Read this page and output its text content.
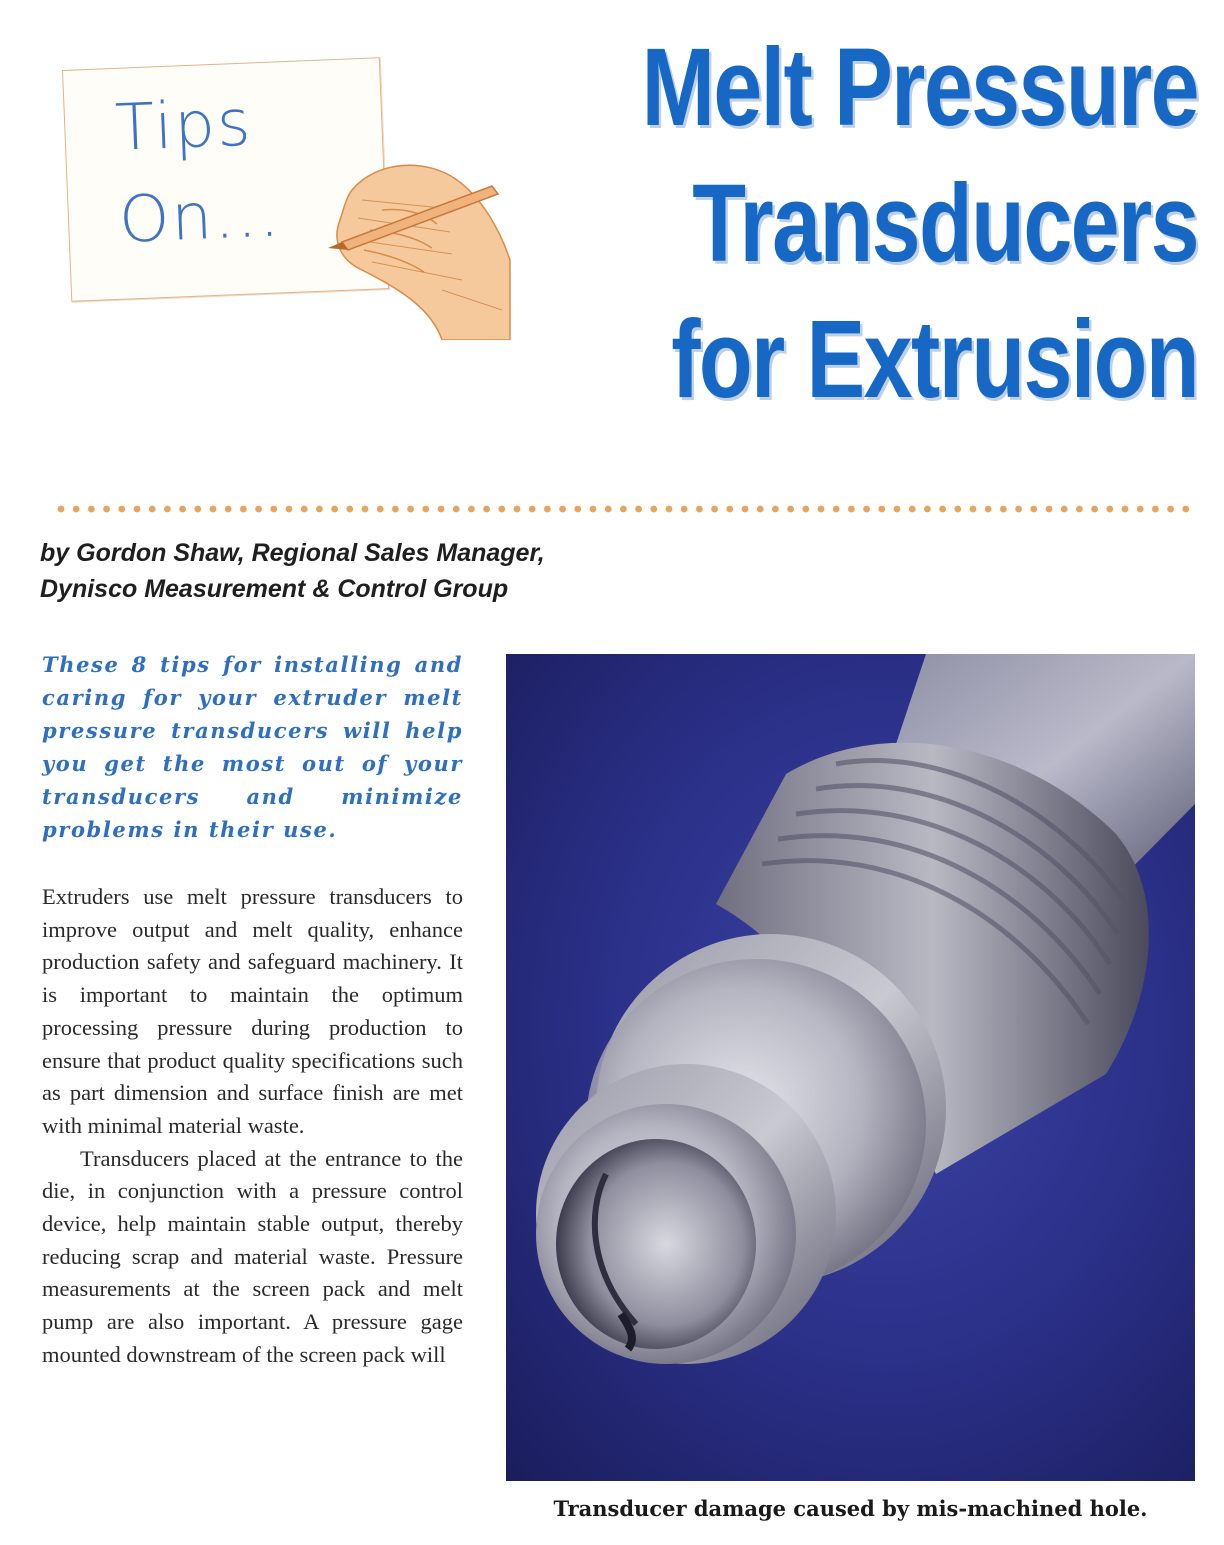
Tips
On...
Melt Pressure
Transducers
for Extrusion
by Gordon Shaw, Regional Sales Manager,
Dynisco Measurement & Control Group
These 8 tips for installing and caring for your extruder melt pressure transducers will help you get the most out of your transducers and minimize problems in their use.

Extruders use melt pressure transducers to improve output and melt quality, enhance production safety and safeguard machinery. It is important to maintain the optimum processing pressure during production to ensure that product quality specifications such as part dimension and surface finish are met with minimal material waste.

Transducers placed at the entrance to the die, in conjunction with a pressure control device, help maintain stable output, thereby reducing scrap and material waste. Pressure measurements at the screen pack and melt pump are also important. A pressure gage mounted downstream of the screen pack will

Transducer damage caused by mis-machined hole.
